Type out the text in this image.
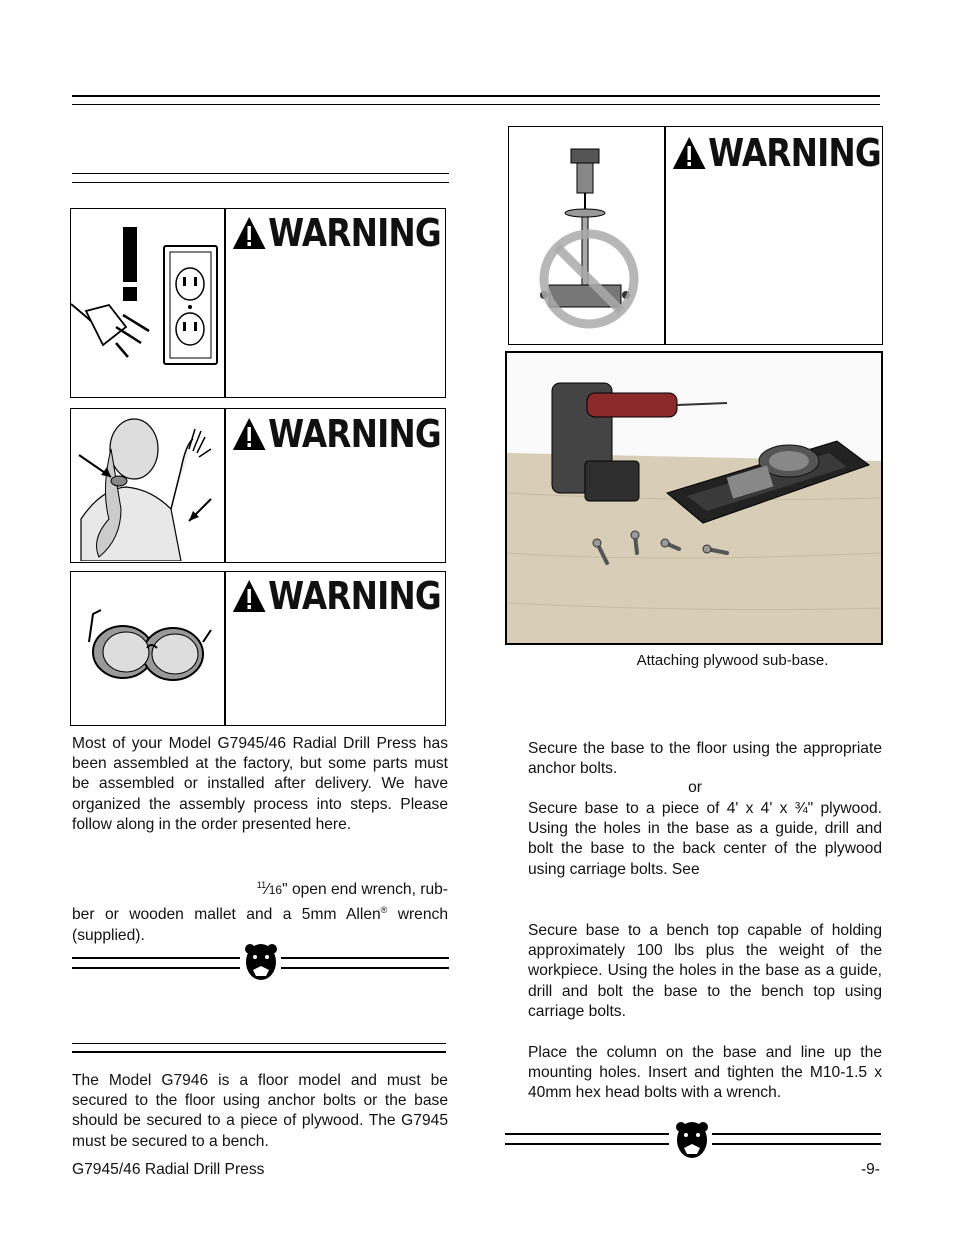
WARNING
WARNING
WARNING
Most of your Model G7945/46 Radial Drill Press has been assembled at the factory, but some parts must be assembled or installed after delivery. We have organized the assembly process into steps. Please follow along in the order presented here.

$^{11}$⁄16" open end wrench, rub-

ber or wooden mallet and a 5mm Allen® wrench

(supplied).

The Model G7946 is a floor model and must be secured to the floor using anchor bolts or the base should be secured to a piece of plywood. The G7945 must be secured to a bench.
WARNING
Attaching plywood sub-base.
Secure the base to the floor using the appropriate anchor bolts.
or
Secure base to a piece of 4' x 4' x ¾" plywood. Using the holes in the base as a guide, drill and bolt the base to the back center of the plywood using carriage bolts. See
Secure base to a bench top capable of holding approximately 100 lbs plus the weight of the workpiece. Using the holes in the base as a guide, drill and bolt the base to the bench top using carriage bolts.
Place the column on the base and line up the mounting holes. Insert and tighten the M10-1.5 x 40mm hex head bolts with a wrench.
G7945/46 Radial Drill Press	-9-
